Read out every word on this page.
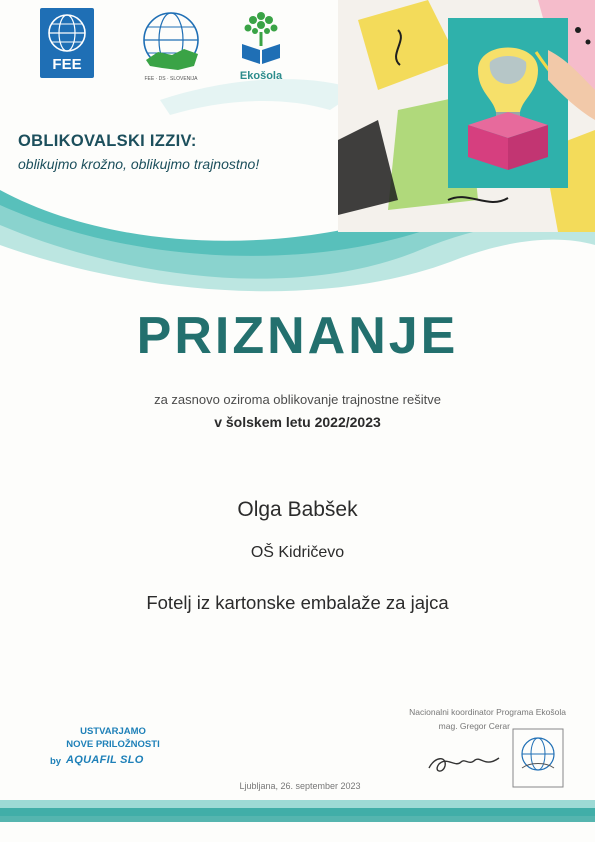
FEE
FEE · DS · SLOVENIJA	Ekošola
OBLIKOVALSKI IZZIV:
oblikujmo krožno, oblikujmo trajnostno!
PRIZNANJE
za zasnovo oziroma oblikovanje trajnostne rešitve
v šolskem letu 2022/2023
Olga Babšek
OŠ Kidričevo
Fotelj iz kartonske embalaže za jajca
USTVARJAMO
NOVE PRILOŽNOSTI
by AQUAFIL SLO
Nacionalni koordinator Programa Ekošola
mag. Gregor Cerar
Ljubljana, 26. september 2023
